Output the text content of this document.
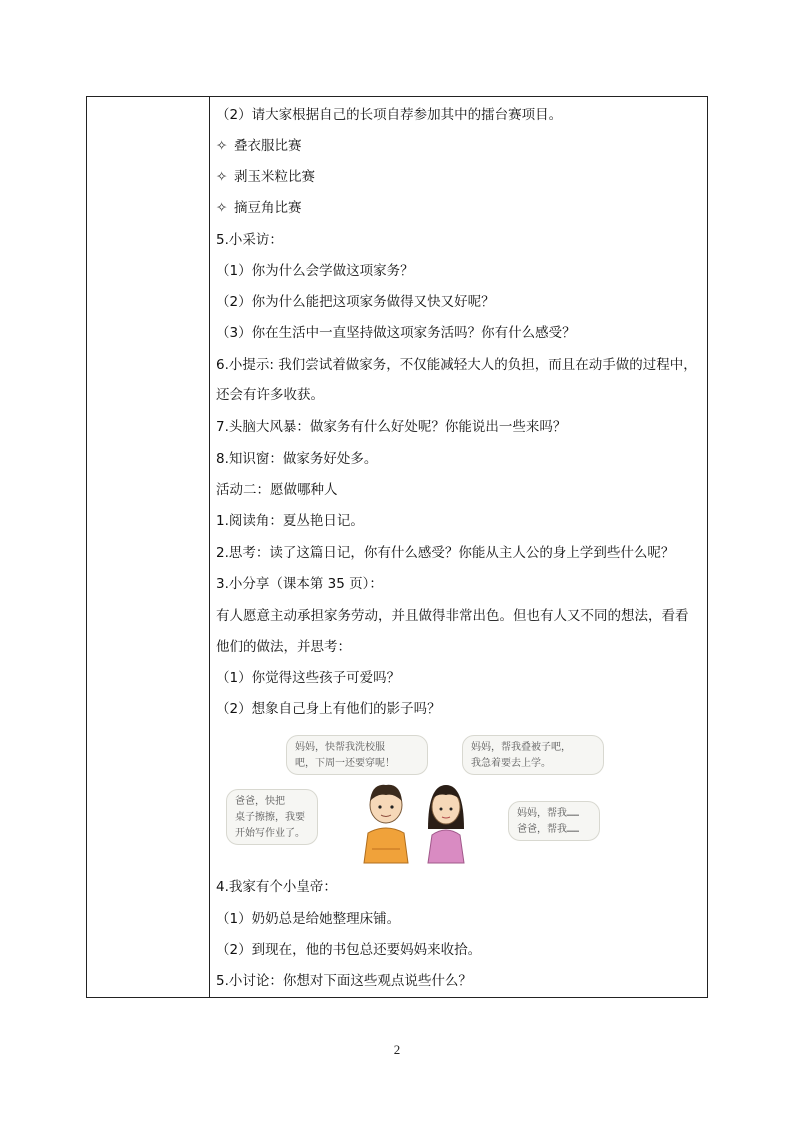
（2）请大家根据自己的长项自荐参加其中的擂台赛项目。
✧ 叠衣服比赛
✧ 剥玉米粒比赛
✧ 摘豆角比赛
5.小采访：
（1）你为什么会学做这项家务？
（2）你为什么能把这项家务做得又快又好呢？
（3）你在生活中一直坚持做这项家务活吗？你有什么感受？
6.小提示: 我们尝试着做家务，不仅能减轻大人的负担，而且在动手做的过程中，
还会有许多收获。
7.头脑大风暴：做家务有什么好处呢？你能说出一些来吗？
8.知识窗：做家务好处多。
活动二：愿做哪种人
1.阅读角：夏丛艳日记。
2.思考：读了这篇日记，你有什么感受？你能从主人公的身上学到些什么呢？
3.小分享（课本第 35 页）：
有人愿意主动承担家务劳动，并且做得非常出色。但也有人又不同的想法，看看
他们的做法，并思考：
（1）你觉得这些孩子可爱吗？
（2）想象自己身上有他们的影子吗？
妈妈，快帮我洗校服
吧，下周一还要穿呢！
妈妈，帮我叠被子吧，
我急着要去上学。
爸爸，快把
桌子擦擦，我要
开始写作业了。
妈妈，帮我……
爸爸，帮我……
4.我家有个小皇帝：
（1）奶奶总是给她整理床铺。
（2）到现在，他的书包总还要妈妈来收拾。
5.小讨论：你想对下面这些观点说些什么？
2
